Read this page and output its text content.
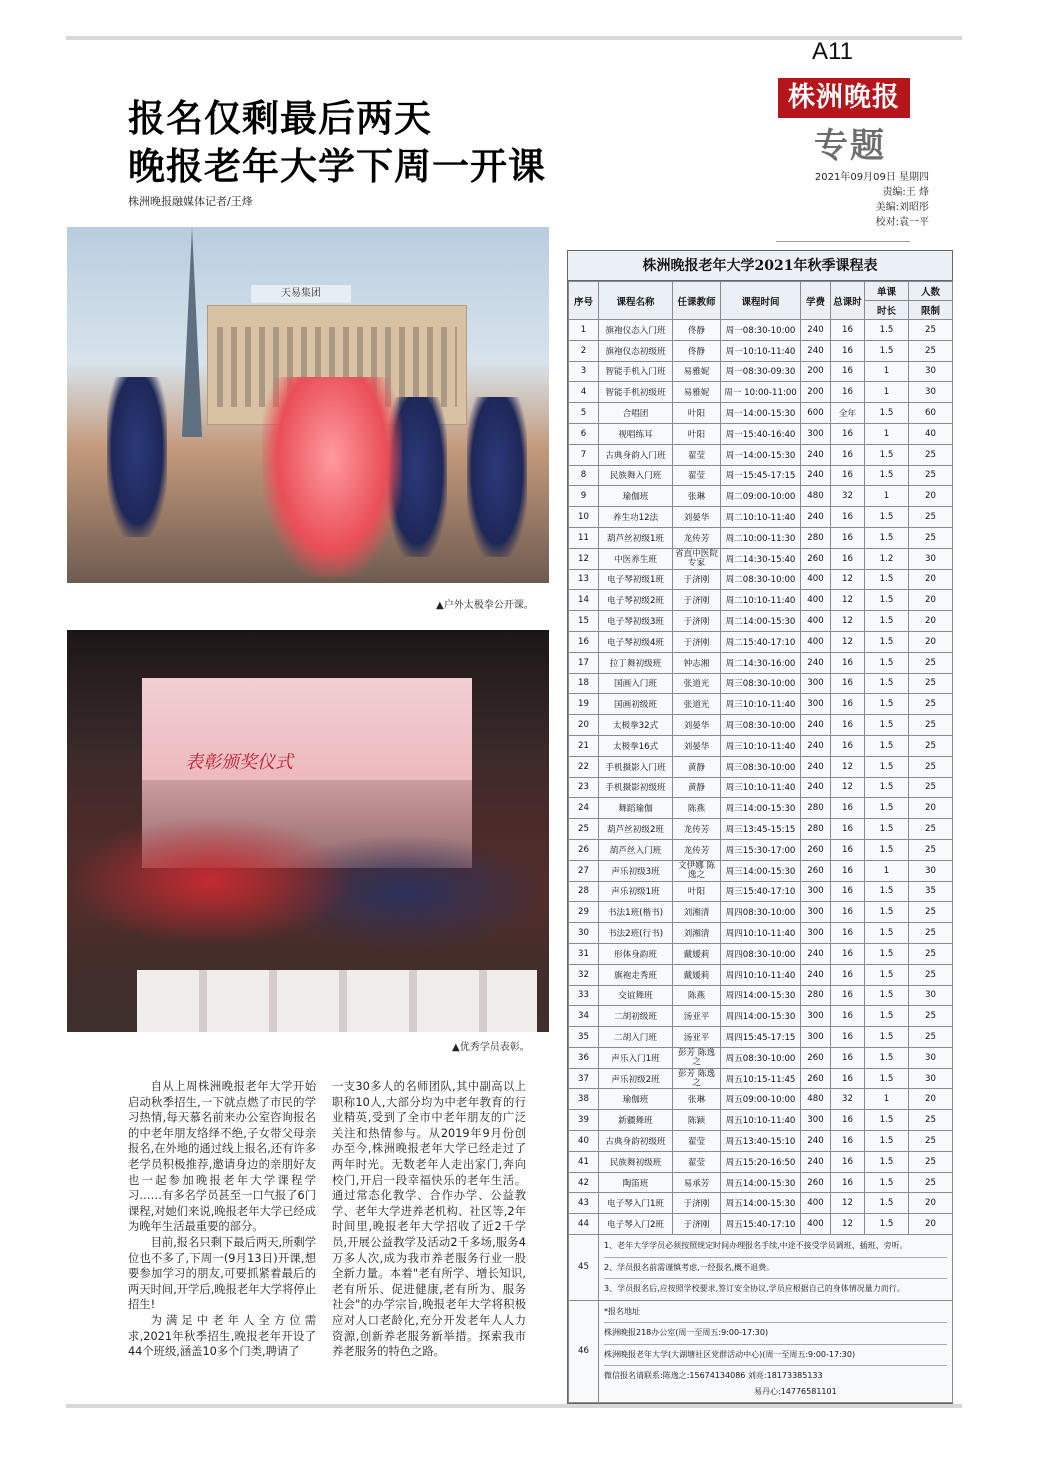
A11
株洲晚报
专题
2021年09月09日 星期四
责编:王 烽
美编:刘昭彤
校对:袁一平
报名仅剩最后两天
晚报老年大学下周一开课
株洲晚报融媒体记者/王烽
天易集团
▲户外太极拳公开课。
表彰颁奖仪式
▲优秀学员表彰。

自从上周株洲晚报老年大学开始启动秋季招生,一下就点燃了市民的学习热情,每天慕名前来办公室咨询报名的中老年朋友络绎不绝,子女带父母亲报名,在外地的通过线上报名,还有许多老学员积极推荐,邀请身边的亲朋好友也一起参加晚报老年大学课程学习……有多名学员甚至一口气报了6门课程,对她们来说,晚报老年大学已经成为晚年生活最重要的部分。

目前,报名只剩下最后两天,所剩学位也不多了,下周一(9月13日)开课,想要参加学习的朋友,可要抓紧着最后的两天时间,开学后,晚报老年大学将停止招生!

为满足中老年人全方位需求,2021年秋季招生,晚报老年开设了44个班级,涵盖10多个门类,聘请了

一支30多人的名师团队,其中副高以上职称10人,大部分均为中老年教育的行业精英,受到了全市中老年朋友的广泛关注和热情参与。从2019年9月份创办至今,株洲晚报老年大学已经走过了两年时光。无数老年人走出家门,奔向校门,开启一段幸福快乐的老年生活。通过常态化教学、合作办学、公益教学、老年大学进养老机构、社区等,2年时间里,晚报老年大学招收了近2千学员,开展公益教学及活动2千多场,服务4万多人次,成为我市养老服务行业一股全新力量。本着"老有所学、增长知识,老有所乐、促进健康,老有所为、服务社会"的办学宗旨,晚报老年大学将积极应对人口老龄化,充分开发老年人人力资源,创新养老服务新举措。探索我市养老服务的特色之路。

株洲晚报老年大学2021年秋季课程表
序号	课程名称	任课教师	课程时间	学费	总课时	单课	人数
						时长	限制
1	旗袍仪态入门班	佟静	周一08:30-10:00	240	16	1.5	25
2	旗袍仪态初级班	佟静	周一10:10-11:40	240	16	1.5	25
3	智能手机入门班	易雅妮	周一08:30-09:30	200	16	1	30
4	智能手机初级班	易雅妮	周一 10:00-11:00	200	16	1	30
5	合唱团	叶阳	周一14:00-15:30	600	全年	1.5	60
6	视唱练耳	叶阳	周一15:40-16:40	300	16	1	40
7	古典身韵入门班	翟莹	周一14:00-15:30	240	16	1.5	25
8	民族舞入门班	翟莹	周一15:45-17:15	240	16	1.5	25
9	瑜伽班	张琳	周二09:00-10:00	480	32	1	20
10	养生功12法	刘晏华	周二10:10-11:40	240	16	1.5	25
11	葫芦丝初级1班	龙传芳	周二10:00-11:30	280	16	1.5	25
12	中医养生班	省直中医院专家	周二14:30-15:40	260	16	1.2	30
13	电子琴初级1班	于济刚	周二08:30-10:00	400	12	1.5	20
14	电子琴初级2班	于济刚	周二10:10-11:40	400	12	1.5	20
15	电子琴初级3班	于济刚	周二14:00-15:30	400	12	1.5	20
16	电子琴初级4班	于济刚	周二15:40-17:10	400	12	1.5	20
17	拉丁舞初级班	钟志湘	周二14:30-16:00	240	16	1.5	25
18	国画入门班	张道光	周三08:30-10:00	300	16	1.5	25
19	国画初级班	张道光	周三10:10-11:40	300	16	1.5	25
20	太极拳32式	刘晏华	周三08:30-10:00	240	16	1.5	25
21	太极拳16式	刘晏华	周三10:10-11:40	240	16	1.5	25
22	手机摄影入门班	黄静	周三08:30-10:00	240	12	1.5	25
23	手机摄影初级班	黄静	周三10:10-11:40	240	12	1.5	25
24	舞蹈瑜伽	陈燕	周三14:00-15:30	280	16	1.5	20
25	葫芦丝初级2班	龙传芳	周三13:45-15:15	280	16	1.5	25
26	葫芦丝入门班	龙传芳	周三15:30-17:00	260	16	1.5	25
27	声乐初级3班	文伊娜 陈逸之	周三14:00-15:30	260	16	1	30
28	声乐初级1班	叶阳	周三15:40-17:10	300	16	1.5	35
29	书法1班(楷书)	刘湘清	周四08:30-10:00	300	16	1.5	25
30	书法2班(行书)	刘湘清	周四10:10-11:40	300	16	1.5	25
31	形体身韵班	戴媛莉	周四08:30-10:00	240	16	1.5	25
32	旗袍走秀班	戴媛莉	周四10:10-11:40	240	16	1.5	25
33	交谊舞班	陈燕	周四14:00-15:30	280	16	1.5	30
34	二胡初级班	汤亚平	周四14:00-15:30	300	16	1.5	25
35	二胡入门班	汤亚平	周四15:45-17:15	300	16	1.5	25
36	声乐入门1班	彭芳 陈逸之	周五08:30-10:00	260	16	1.5	30
37	声乐初级2班	彭芳 陈逸之	周五10:15-11:45	260	16	1.5	30
38	瑜伽班	张琳	周五09:00-10:00	480	32	1	20
39	新疆舞班	陈颖	周五10:10-11:40	300	16	1.5	25
40	古典身韵初级班	翟莹	周五13:40-15:10	240	16	1.5	25
41	民族舞初级班	翟莹	周五15:20-16:50	240	16	1.5	25
42	陶笛班	易承芳	周五14:00-15:30	260	16	1.5	25
43	电子琴入门1班	于济刚	周五14:00-15:30	400	12	1.5	20
44	电子琴入门2班	于济刚	周五15:40-17:10	400	12	1.5	20
45	1、老年大学学员必须按照规定时间办理报名手续,中途不接受学员调班、插班、旁听。
2、学员报名前需谨慎考虑,一经报名,概不退费。
3、学员报名后,应按照学校要求,签订安全协议,学员应根据自己的身体情况量力而行。						

46	*报名地址
株洲晚报218办公室(周一至周五:9:00-17:30)
株洲晚报老年大学(大湖塘社区党群活动中心)(周一至周五:9:00-17:30)
微信报名请联系:陈逸之:15674134086 刘亮:18173385133
易丹心:14776581101						
